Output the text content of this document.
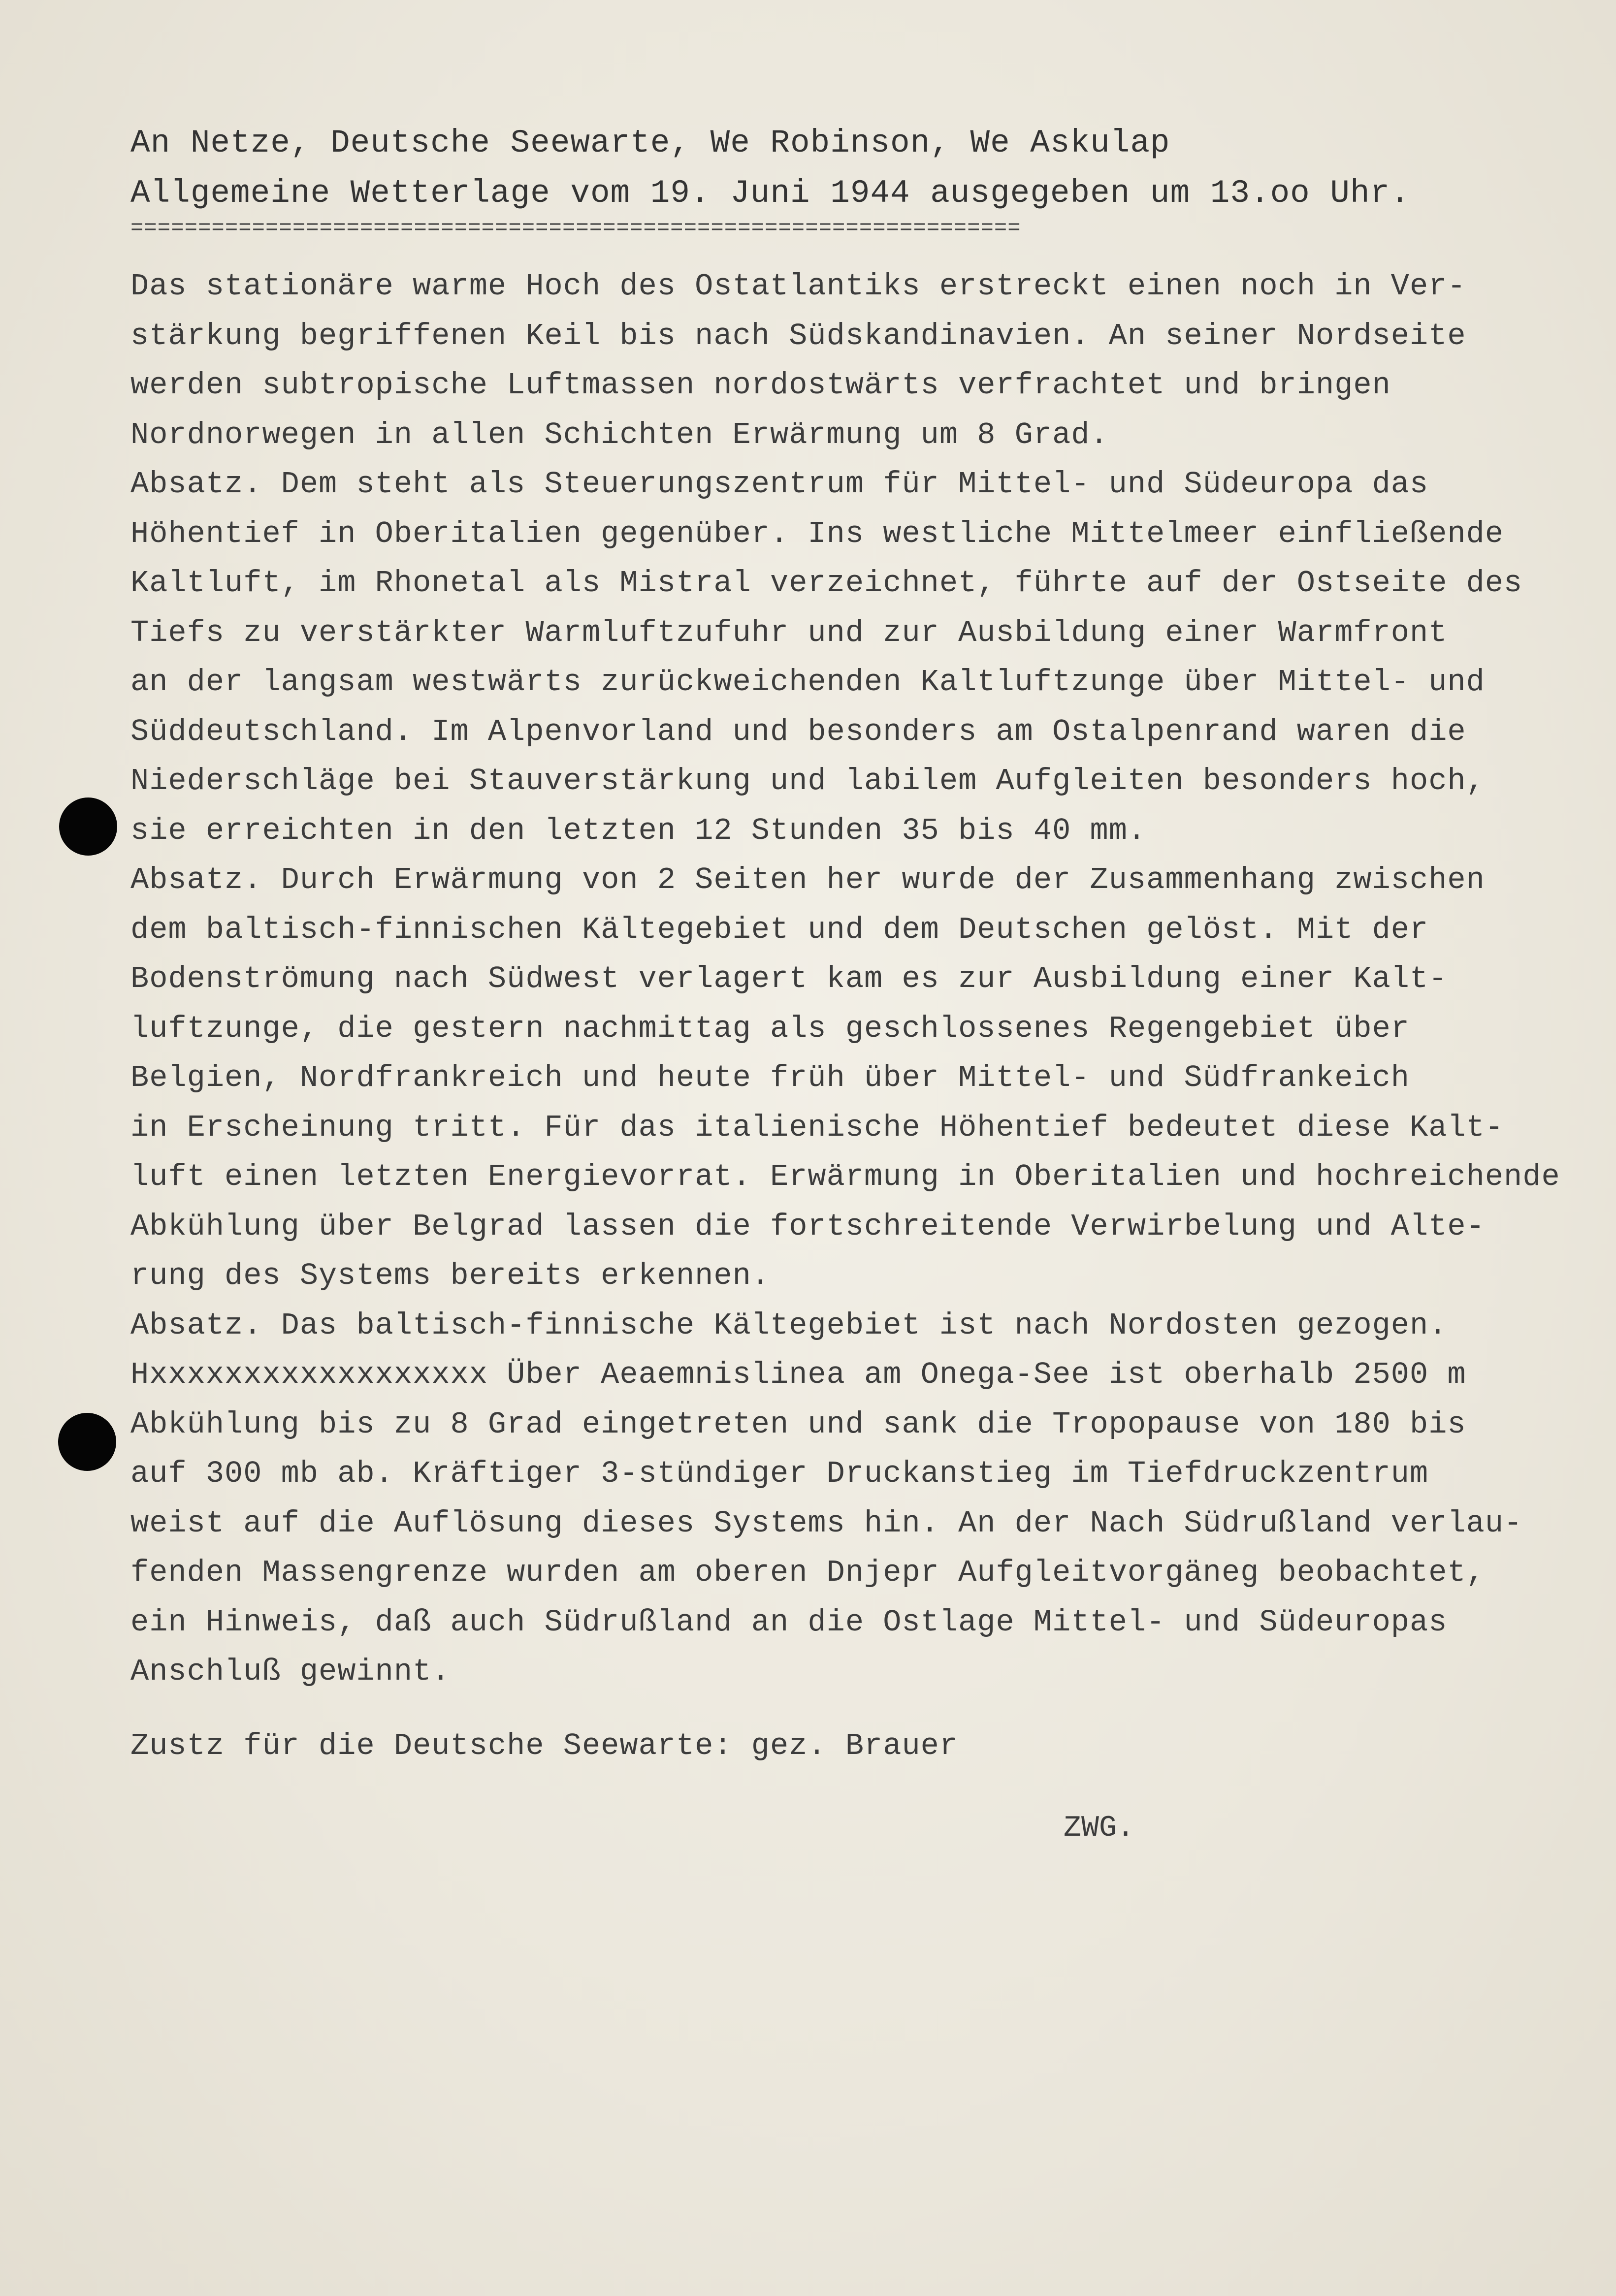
An Netze, Deutsche Seewarte, We Robinson, We Askulap
Allgemeine Wetterlage vom 19. Juni 1944 ausgegeben um 13.oo Uhr.
==================================================================
Das stationäre warme Hoch des Ostatlantiks erstreckt einen noch in Ver-
stärkung begriffenen Keil bis nach Südskandinavien. An seiner Nordseite
werden subtropische Luftmassen nordostwärts verfrachtet und bringen
Nordnorwegen in allen Schichten Erwärmung um 8 Grad.
Absatz. Dem steht als Steuerungszentrum für Mittel- und Südeuropa das
Höhentief in Oberitalien gegenüber. Ins westliche Mittelmeer einfließende
Kaltluft, im Rhonetal als Mistral verzeichnet, führte auf der Ostseite des
Tiefs zu verstärkter Warmluftzufuhr und zur Ausbildung einer Warmfront
an der langsam westwärts zurückweichenden Kaltluftzunge über Mittel- und
Süddeutschland. Im Alpenvorland und besonders am Ostalpenrand waren die
Niederschläge bei Stauverstärkung und labilem Aufgleiten besonders hoch,
sie erreichten in den letzten 12 Stunden 35 bis 40 mm.
Absatz. Durch Erwärmung von 2 Seiten her wurde der Zusammenhang zwischen
dem baltisch-finnischen Kältegebiet und dem Deutschen gelöst. Mit der
Bodenströmung nach Südwest verlagert kam es zur Ausbildung einer Kalt-
luftzunge, die gestern nachmittag als geschlossenes Regengebiet über
Belgien, Nordfrankreich und heute früh über Mittel- und Südfrankeich
in Erscheinung tritt. Für das italienische Höhentief bedeutet diese Kalt-
luft einen letzten Energievorrat. Erwärmung in Oberitalien und hochreichende
Abkühlung über Belgrad lassen die fortschreitende Verwirbelung und Alte-
rung des Systems bereits erkennen.
Absatz. Das baltisch-finnische Kältegebiet ist nach Nordosten gezogen.
Hxxxxxxxxxxxxxxxxxx Über Aeaemnislinea am Onega-See ist oberhalb 2500 m
Abkühlung bis zu 8 Grad eingetreten und sank die Tropopause von 180 bis
auf 300 mb ab. Kräftiger 3-stündiger Druckanstieg im Tiefdruckzentrum
weist auf die Auflösung dieses Systems hin. An der Nach Südrußland verlau-
fenden Massengrenze wurden am oberen Dnjepr Aufgleitvorgäneg beobachtet,
ein Hinweis, daß auch Südrußland an die Ostlage Mittel- und Südeuropas
Anschluß gewinnt.
Zustz für die Deutsche Seewarte: gez. Brauer
ZWG.
